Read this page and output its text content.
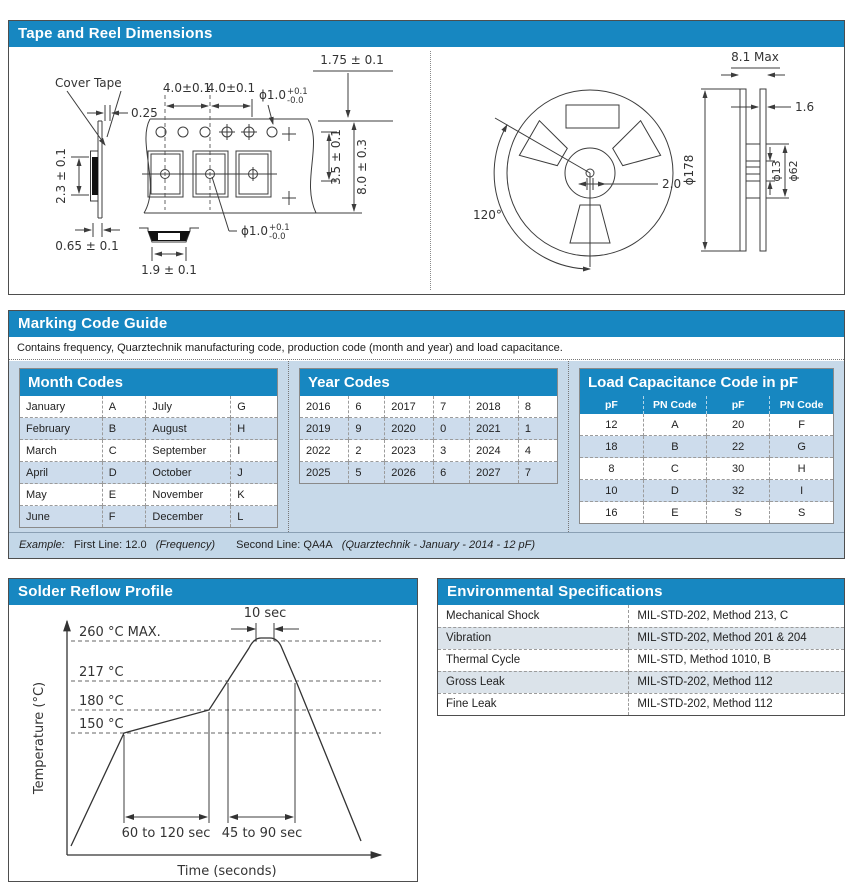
Tape and Reel Dimensions
Cover Tape
0.25
2.3 ± 0.1
0.65 ± 0.1
1.9 ± 0.1
4.0±0.1
4.0±0.1 ϕ1.0 +0.1
-0.0
ϕ1.0 +0.1
-0.0
1.75 ± 0.1
3.5 ± 0.1 8.0 ± 0.3
120°
2.0
8.1 Max
1.6
ϕ178	ϕ13 ϕ62
Marking Code Guide
Contains frequency, Quarztechnik manufacturing code, production code (month and year) and load capacitance.
Month Codes			
January	A	July	G
February	B	August	H
March	C	September	I
April	D	October	J
May	E	November	K
June	F	December	L
Year Codes					
2016	6	2017	7	2018	8
2019	9	2020	0	2021	1
2022	2	2023	3	2024	4
2025	5	2026	6	2027	7
Load Capacitance Code in pF			
pF	PN Code	pF	PN Code
12	A	20	F
18	B	22	G
8	C	30	H
10	D	32	I
16	E	S	S
Example: First Line: 12.0 (Frequency) Second Line: QA4A (Quarztechnik - January - 2014 - 12 pF)
Solder Reflow Profile
260 °C MAX.
217 °C
180 °C
150 °C
Temperature (°C)
Time (seconds)
60 to 120 sec 45 to 90 sec
10 sec
Environmental Specifications
Mechanical Shock	MIL-STD-202, Method 213, C
Vibration	MIL-STD-202, Method 201 & 204
Thermal Cycle	MIL-STD, Method 1010, B
Gross Leak	MIL-STD-202, Method 112
Fine Leak	MIL-STD-202, Method 112
